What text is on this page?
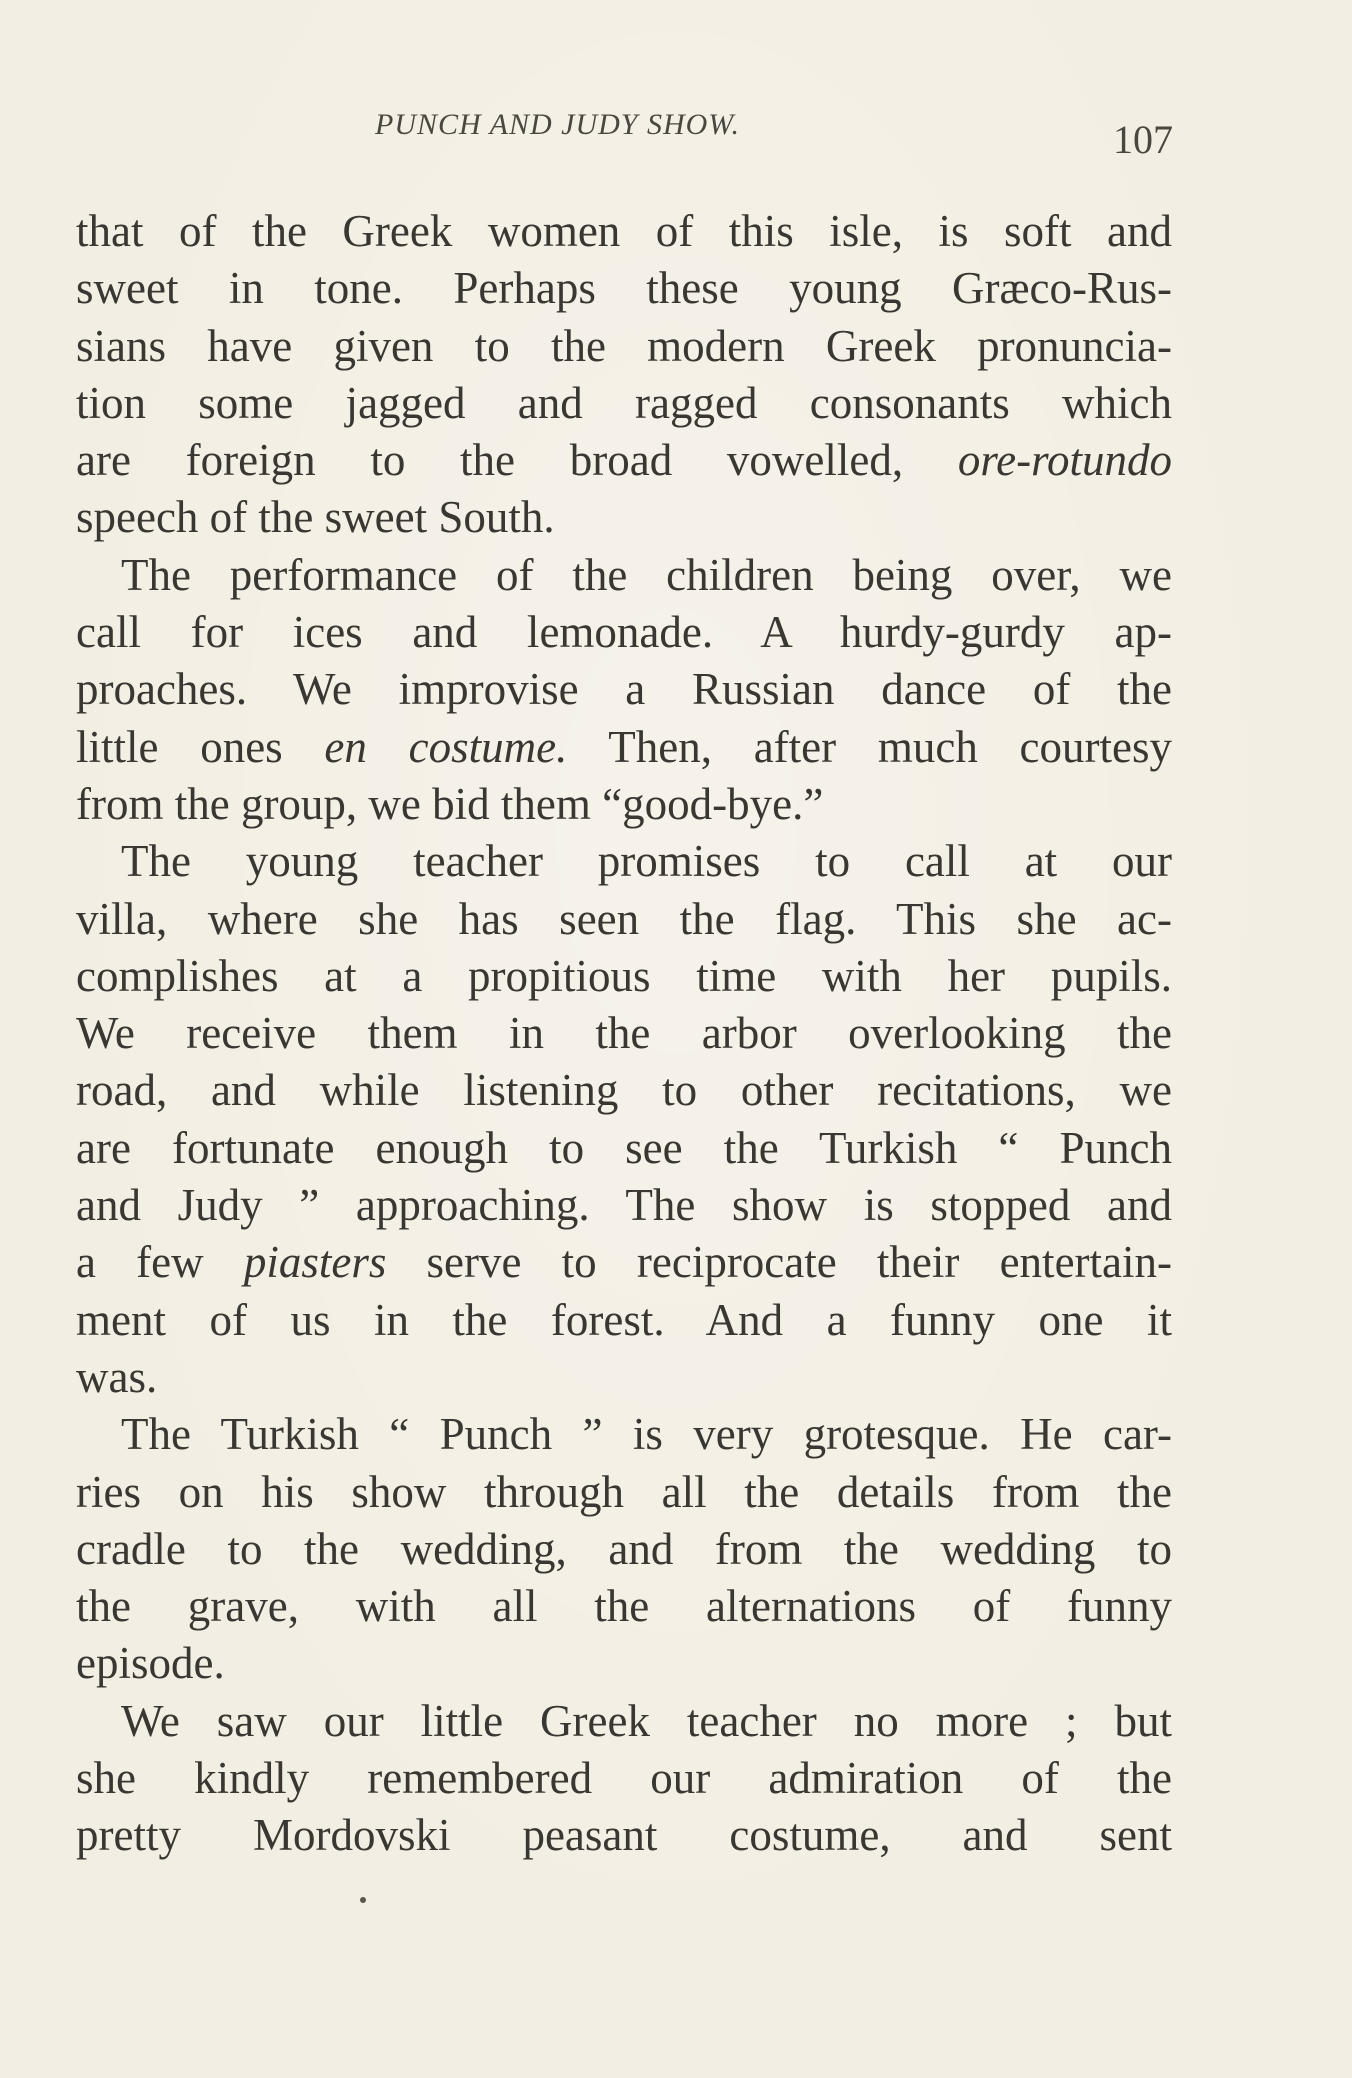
PUNCH AND JUDY SHOW.	107
that of the Greek women of this isle, is soft and
sweet in tone. Perhaps these young Græco-Rus-
sians have given to the modern Greek pronuncia-
tion some jagged and ragged consonants which
are foreign to the broad vowelled, ore-rotundo
speech of the sweet South.
The performance of the children being over, we
call for ices and lemonade. A hurdy-gurdy ap-
proaches. We improvise a Russian dance of the
little ones en costume. Then, after much courtesy
from the group, we bid them “good-bye.”
The young teacher promises to call at our
villa, where she has seen the flag. This she ac-
complishes at a propitious time with her pupils.
We receive them in the arbor overlooking the
road, and while listening to other recitations, we
are fortunate enough to see the Turkish “ Punch
and Judy ” approaching. The show is stopped and
a few piasters serve to reciprocate their entertain-
ment of us in the forest. And a funny one it
was.
The Turkish “ Punch ” is very grotesque. He car-
ries on his show through all the details from the
cradle to the wedding, and from the wedding to
the grave, with all the alternations of funny
episode.
We saw our little Greek teacher no more ; but
she kindly remembered our admiration of the
pretty Mordovski peasant costume, and sent
